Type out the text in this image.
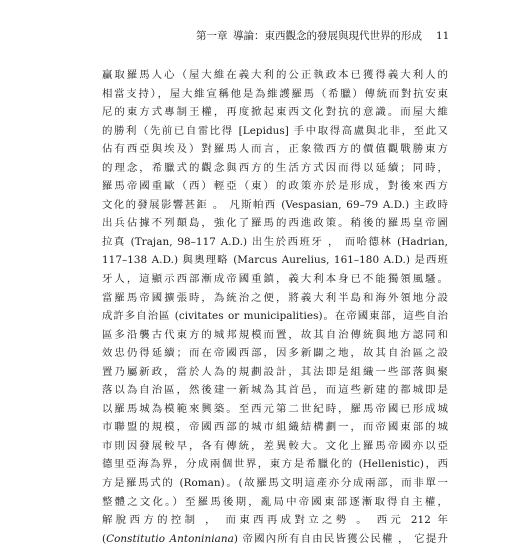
第一章 導論：東西觀念的發展與現代世界的形成 11
贏取羅馬人心（屋大維在義大利的公正執政本已獲得義大利人的
相當支持），屋大維宣稱他是為維護羅馬（希臘）傳統而對抗安東
尼的東方式專制王權，再度掀起東西文化對抗的意識。而屋大維
的勝利（先前已自雷比得 [Lepidus] 手中取得高盧與北非，至此又
佔有西亞與埃及）對羅馬人而言，正象徵西方的價值觀戰勝東方
的理念，希臘式的觀念與西方的生活方式因而得以延續；同時，
羅馬帝國重歐（西）輕亞（東）的政策亦於是形成，對後來西方
文化的發展影響甚鉅 。 凡斯帕西 (Vespasian, 69–79 A.D.) 主政時
出兵佔據不列顛島，強化了羅馬的西進政策。稍後的羅馬皇帝圖
拉真 (Trajan, 98–117 A.D.) 出生於西班牙 ， 而哈德林 (Hadrian,
117–138 A.D.) 與奧理略 (Marcus Aurelius, 161–180 A.D.) 是西班
牙人，這顯示西部漸成帝國重鎮，義大利本身已不能獨領風騷。
當羅馬帝國擴張時，為統治之便，將義大利半島和海外領地分設
成許多自治區 (civitates or municipalities)。在帝國東部，這些自治
區多沿襲古代東方的城邦規模而置，故其自治傳統與地方認同和
效忠仍得延續；而在帝國西部，因多新闢之地，故其自治區之設
置乃屬新政，當於人為的規劃設計，其法即是組織一些部落與聚
落以為自治區，然後建一新城為其首邑，而這些新建的都城即是
以羅馬城為模範來興築。至西元第二世紀時，羅馬帝國已形成城
市聯盟的規模，帝國西部的城市組織結構劃一，而帝國東部的城
市則因發展較早，各有傳統，差異較大。文化上羅馬帝國亦以亞
德里亞海為界，分成兩個世界，東方是希臘化的 (Hellenistic)，西
方是羅馬式的 (Roman)。(故羅馬文明這產亦分成兩部，而非單一
整體之文化。）至羅馬後期，亂局中帝國東部逐漸取得自主權，
解脫西方的控制 ， 而東西再成對立之勢 。 西元 212 年
(Constitutio Antoniniana) 帝國內所有自由民皆獲公民權 ， 它提升
